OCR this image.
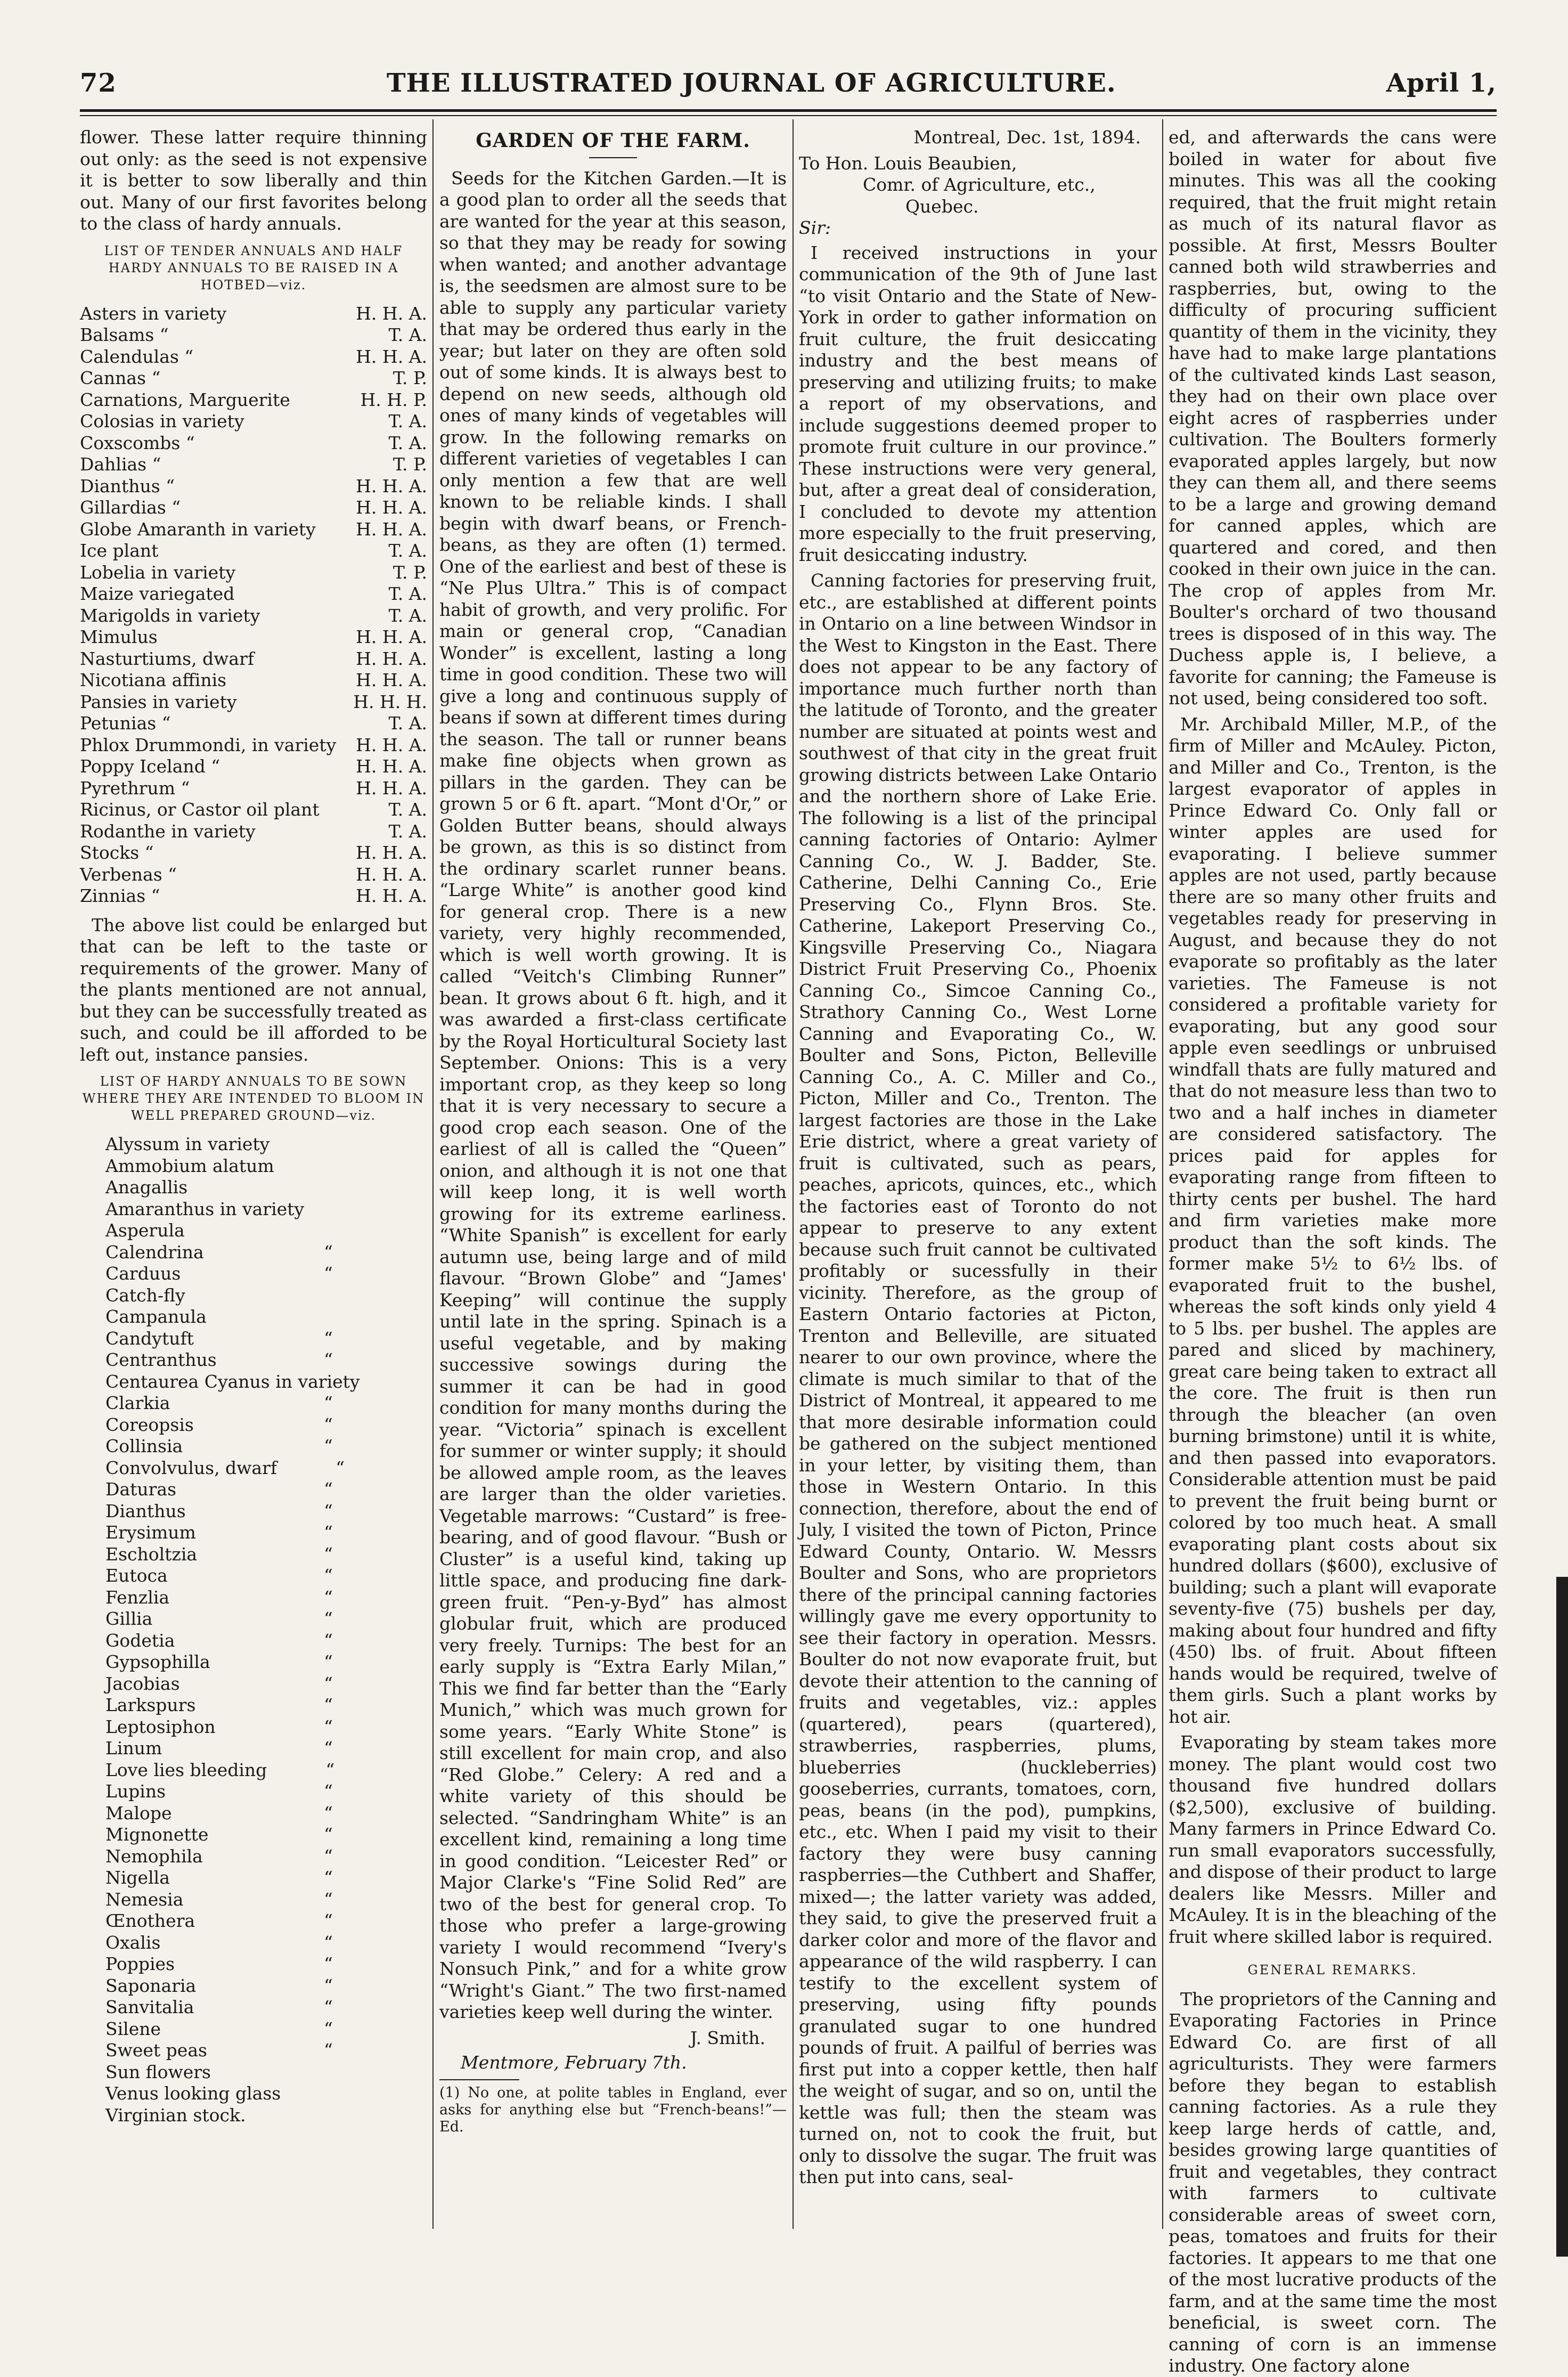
72	THE ILLUSTRATED JOURNAL OF AGRICULTURE.	April 1,

flower. These latter require thinning out only: as the seed is not expensive it is better to sow liberally and thin out. Many of our first favorites belong to the class of hardy annuals.

LIST OF TENDER ANNUALS AND HALF HARDY ANNUALS TO BE RAISED IN A HOTBED—viz.
Asters in variety	H. H. A.
Balsams “	T. A.
Calendulas “	H. H. A.
Cannas “	T. P.
Carnations, Marguerite	H. H. P.
Colosias in variety	T. A.
Coxscombs “	T. A.
Dahlias “	T. P.
Dianthus “	H. H. A.
Gillardias “	H. H. A.
Globe Amaranth in variety	H. H. A.
Ice plant	T. A.
Lobelia in variety	T. P.
Maize variegated	T. A.
Marigolds in variety	T. A.
Mimulus	H. H. A.
Nasturtiums, dwarf	H. H. A.
Nicotiana affinis	H. H. A.
Pansies in variety	H. H. H.
Petunias “	T. A.
Phlox Drummondi, in variety	H. H. A.
Poppy Iceland “	H. H. A.
Pyrethrum “	H. H. A.
Ricinus, or Castor oil plant	T. A.
Rodanthe in variety	T. A.
Stocks “	H. H. A.
Verbenas “	H. H. A.
Zinnias “	H. H. A.

The above list could be enlarged but that can be left to the taste or requirements of the grower. Many of the plants mentioned are not annual, but they can be successfully treated as such, and could be ill afforded to be left out, instance pansies.

LIST OF HARDY ANNUALS TO BE SOWN WHERE THEY ARE INTENDED TO BLOOM IN WELL PREPARED GROUND—viz.
Alyssum in variety
Ammobium alatum
Anagallis
Amaranthus in variety
Asperula
Calendrina	“
Carduus	“
Catch-fly
Campanula
Candytuft	“
Centranthus	“
Centaurea Cyanus in variety
Clarkia	“
Coreopsis	“
Collinsia	“
Convolvulus, dwarf	“
Daturas	“
Dianthus	“
Erysimum	“
Escholtzia	“
Eutoca	“
Fenzlia	“
Gillia	“
Godetia	“
Gypsophilla	“
Jacobias	“
Larkspurs	“
Leptosiphon	“
Linum	“
Love lies bleeding	“
Lupins	“
Malope	“
Mignonette	“
Nemophila	“
Nigella	“
Nemesia	“
Œnothera	“
Oxalis	“
Poppies	“
Saponaria	“
Sanvitalia	“
Silene	“
Sweet peas	“
Sun flowers
Venus looking glass
Virginian stock.
GARDEN OF THE FARM.

Seeds for the Kitchen Garden.—It is a good plan to order all the seeds that are wanted for the year at this season, so that they may be ready for sowing when wanted; and another advantage is, the seedsmen are almost sure to be able to supply any particular variety that may be ordered thus early in the year; but later on they are often sold out of some kinds. It is always best to depend on new seeds, although old ones of many kinds of vegetables will grow. In the following remarks on different varieties of vegetables I can only mention a few that are well known to be reliable kinds. I shall begin with dwarf beans, or French-beans, as they are often (1) termed. One of the earliest and best of these is “Ne Plus Ultra.” This is of compact habit of growth, and very prolific. For main or general crop, “Canadian Wonder” is excellent, lasting a long time in good condition. These two will give a long and continuous supply of beans if sown at different times during the season. The tall or runner beans make fine objects when grown as pillars in the garden. They can be grown 5 or 6 ft. apart. “Mont d'Or,” or Golden Butter beans, should always be grown, as this is so distinct from the ordinary scarlet runner beans. “Large White” is another good kind for general crop. There is a new variety, very highly recommended, which is well worth growing. It is called “Veitch's Climbing Runner” bean. It grows about 6 ft. high, and it was awarded a first-class certificate by the Royal Horticultural Society last September. Onions: This is a very important crop, as they keep so long that it is very necessary to secure a good crop each season. One of the earliest of all is called the “Queen” onion, and although it is not one that will keep long, it is well worth growing for its extreme earliness. “White Spanish” is excellent for early autumn use, being large and of mild flavour. “Brown Globe” and “James' Keeping” will continue the supply until late in the spring. Spinach is a useful vegetable, and by making successive sowings during the summer it can be had in good condition for many months during the year. “Victoria” spinach is excellent for summer or winter supply; it should be allowed ample room, as the leaves are larger than the older varieties. Vegetable marrows: “Custard” is free-bearing, and of good flavour. “Bush or Cluster” is a useful kind, taking up little space, and producing fine dark-green fruit. “Pen-y-Byd” has almost globular fruit, which are produced very freely. Turnips: The best for an early supply is “Extra Early Milan,” This we find far better than the “Early Munich,” which was much grown for some years. “Early White Stone” is still excellent for main crop, and also “Red Globe.” Celery: A red and a white variety of this should be selected. “Sandringham White” is an excellent kind, remaining a long time in good condition. “Leicester Red” or Major Clarke's “Fine Solid Red” are two of the best for general crop. To those who prefer a large-growing variety I would recommend “Ivery's Nonsuch Pink,” and for a white grow “Wright's Giant.” The two first-named varieties keep well during the winter.

J. Smith.
Mentmore, February 7th.
(1) No one, at polite tables in England, ever asks for anything else but “French-beans!”—Ed.
Montreal, Dec. 1st, 1894.
To Hon. Louis Beaubien,
Comr. of Agriculture, etc.,
Quebec.
Sir:

I received instructions in your communication of the 9th of June last “to visit Ontario and the State of New-York in order to gather information on fruit culture, the fruit desiccating industry and the best means of preserving and utilizing fruits; to make a report of my observations, and include suggestions deemed proper to promote fruit culture in our province.” These instructions were very general, but, after a great deal of consideration, I concluded to devote my attention more especially to the fruit preserving, fruit desiccating industry.

Canning factories for preserving fruit, etc., are established at different points in Ontario on a line between Windsor in the West to Kingston in the East. There does not appear to be any factory of importance much further north than the latitude of Toronto, and the greater number are situated at points west and southwest of that city in the great fruit growing districts between Lake Ontario and the northern shore of Lake Erie. The following is a list of the principal canning factories of Ontario: Aylmer Canning Co., W. J. Badder, Ste. Catherine, Delhi Canning Co., Erie Preserving Co., Flynn Bros. Ste. Catherine, Lakeport Preserving Co., Kingsville Preserving Co., Niagara District Fruit Preserving Co., Phoenix Canning Co., Simcoe Canning Co., Strathory Canning Co., West Lorne Canning and Evaporating Co., W. Boulter and Sons, Picton, Belleville Canning Co., A. C. Miller and Co., Picton, Miller and Co., Trenton. The largest factories are those in the Lake Erie district, where a great variety of fruit is cultivated, such as pears, peaches, apricots, quinces, etc., which the factories east of Toronto do not appear to preserve to any extent because such fruit cannot be cultivated profitably or sucessfully in their vicinity. Therefore, as the group of Eastern Ontario factories at Picton, Trenton and Belleville, are situated nearer to our own province, where the climate is much similar to that of the District of Montreal, it appeared to me that more desirable information could be gathered on the subject mentioned in your letter, by visiting them, than those in Western Ontario. In this connection, therefore, about the end of July, I visited the town of Picton, Prince Edward County, Ontario. W. Messrs Boulter and Sons, who are proprietors there of the principal canning factories willingly gave me every opportunity to see their factory in operation. Messrs. Boulter do not now evaporate fruit, but devote their attention to the canning of fruits and vegetables, viz.: apples (quartered), pears (quartered), strawberries, raspberries, plums, blueberries (huckleberries) gooseberries, currants, tomatoes, corn, peas, beans (in the pod), pumpkins, etc., etc. When I paid my visit to their factory they were busy canning raspberries—the Cuthbert and Shaffer, mixed—; the latter variety was added, they said, to give the preserved fruit a darker color and more of the flavor and appearance of the wild raspberry. I can testify to the excellent system of preserving, using fifty pounds granulated sugar to one hundred pounds of fruit. A pailful of berries was first put into a copper kettle, then half the weight of sugar, and so on, until the kettle was full; then the steam was turned on, not to cook the fruit, but only to dissolve the sugar. The fruit was then put into cans, seal-

ed, and afterwards the cans were boiled in water for about five minutes. This was all the cooking required, that the fruit might retain as much of its natural flavor as possible. At first, Messrs Boulter canned both wild strawberries and raspberries, but, owing to the difficulty of procuring sufficient quantity of them in the vicinity, they have had to make large plantations of the cultivated kinds Last season, they had on their own place over eight acres of raspberries under cultivation. The Boulters formerly evaporated apples largely, but now they can them all, and there seems to be a large and growing demand for canned apples, which are quartered and cored, and then cooked in their own juice in the can. The crop of apples from Mr. Boulter's orchard of two thousand trees is disposed of in this way. The Duchess apple is, I believe, a favorite for canning; the Fameuse is not used, being considered too soft.

Mr. Archibald Miller, M.P., of the firm of Miller and McAuley. Picton, and Miller and Co., Trenton, is the largest evaporator of apples in Prince Edward Co. Only fall or winter apples are used for evaporating. I believe summer apples are not used, partly because there are so many other fruits and vegetables ready for preserving in August, and because they do not evaporate so profitably as the later varieties. The Fameuse is not considered a profitable variety for evaporating, but any good sour apple even seedlings or unbruised windfall thats are fully matured and that do not measure less than two to two and a half inches in diameter are considered satisfactory. The prices paid for apples for evaporating range from fifteen to thirty cents per bushel. The hard and firm varieties make more product than the soft kinds. The former make 5½ to 6½ lbs. of evaporated fruit to the bushel, whereas the soft kinds only yield 4 to 5 lbs. per bushel. The apples are pared and sliced by machinery, great care being taken to extract all the core. The fruit is then run through the bleacher (an oven burning brimstone) until it is white, and then passed into evaporators. Considerable attention must be paid to prevent the fruit being burnt or colored by too much heat. A small evaporating plant costs about six hundred dollars ($600), exclusive of building; such a plant will evaporate seventy-five (75) bushels per day, making about four hundred and fifty (450) lbs. of fruit. About fifteen hands would be required, twelve of them girls. Such a plant works by hot air.

Evaporating by steam takes more money. The plant would cost two thousand five hundred dollars ($2,500), exclusive of building. Many farmers in Prince Edward Co. run small evaporators successfully, and dispose of their product to large dealers like Messrs. Miller and McAuley. It is in the bleaching of the fruit where skilled labor is required.

GENERAL REMARKS.

The proprietors of the Canning and Evaporating Factories in Prince Edward Co. are first of all agriculturists. They were farmers before they began to establish canning factories. As a rule they keep large herds of cattle, and, besides growing large quantities of fruit and vegetables, they contract with farmers to cultivate considerable areas of sweet corn, peas, tomatoes and fruits for their factories. It appears to me that one of the most lucrative products of the farm, and at the same time the most beneficial, is sweet corn. The canning of corn is an immense industry. One factory alone
